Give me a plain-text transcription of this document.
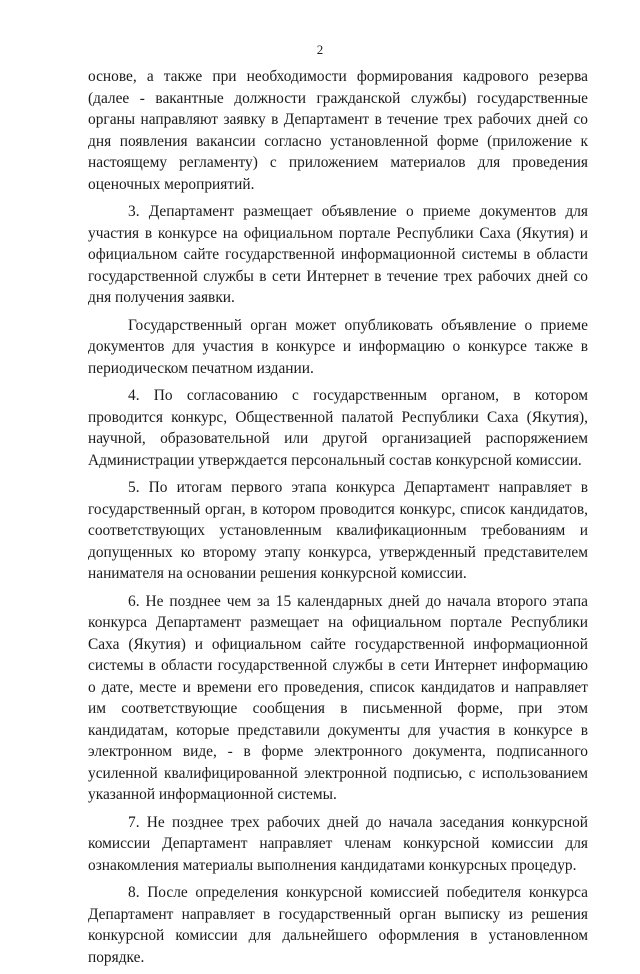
2

основе, а также при необходимости формирования кадрового резерва (далее - вакантные должности гражданской службы) государственные органы направляют заявку в Департамент в течение трех рабочих дней со дня появления вакансии согласно установленной форме (приложение к настоящему регламенту) с приложением материалов для проведения оценочных мероприятий.

3. Департамент размещает объявление о приеме документов для участия в конкурсе на официальном портале Республики Саха (Якутия) и официальном сайте государственной информационной системы в области государственной службы в сети Интернет в течение трех рабочих дней со дня получения заявки.

Государственный орган может опубликовать объявление о приеме документов для участия в конкурсе и информацию о конкурсе также в периодическом печатном издании.

4. По согласованию с государственным органом, в котором проводится конкурс, Общественной палатой Республики Саха (Якутия), научной, образовательной или другой организацией распоряжением Администрации утверждается персональный состав конкурсной комиссии.

5. По итогам первого этапа конкурса Департамент направляет в государственный орган, в котором проводится конкурс, список кандидатов, соответствующих установленным квалификационным требованиям и допущенных ко второму этапу конкурса, утвержденный представителем нанимателя на основании решения конкурсной комиссии.

6. Не позднее чем за 15 календарных дней до начала второго этапа конкурса Департамент размещает на официальном портале Республики Саха (Якутия) и официальном сайте государственной информационной системы в области государственной службы в сети Интернет информацию о дате, месте и времени его проведения, список кандидатов и направляет им соответствующие сообщения в письменной форме, при этом кандидатам, которые представили документы для участия в конкурсе в электронном виде, - в форме электронного документа, подписанного усиленной квалифицированной электронной подписью, с использованием указанной информационной системы.

7. Не позднее трех рабочих дней до начала заседания конкурсной комиссии Департамент направляет членам конкурсной комиссии для ознакомления материалы выполнения кандидатами конкурсных процедур.

8. После определения конкурсной комиссией победителя конкурса Департамент направляет в государственный орган выписку из решения конкурсной комиссии для дальнейшего оформления в установленном порядке.
